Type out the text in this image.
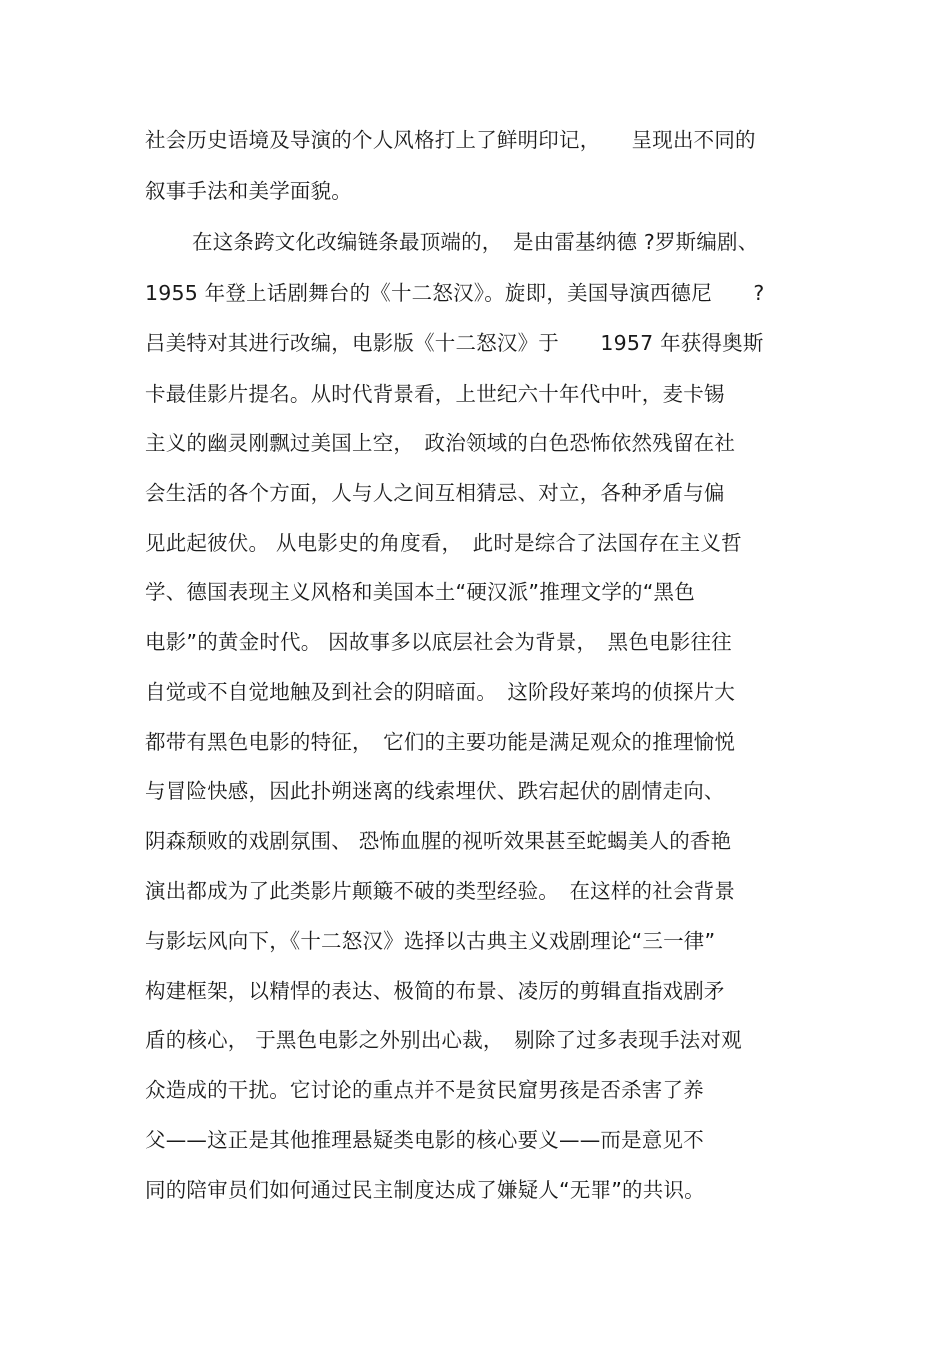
社会历史语境及导演的个人风格打上了鲜明印记，　　呈现出不同的
叙事手法和美学面貌。
在这条跨文化改编链条最顶端的，　是由雷基纳德 ?罗斯编剧、
1955 年登上话剧舞台的《十二怒汉》。旋即，美国导演西德尼　　?
吕美特对其进行改编，电影版《十二怒汉》于　　1957 年获得奥斯
卡最佳影片提名。从时代背景看，上世纪六十年代中叶，麦卡锡
主义的幽灵刚飘过美国上空，　政治领域的白色恐怖依然残留在社
会生活的各个方面，人与人之间互相猜忌、对立，各种矛盾与偏
见此起彼伏。 从电影史的角度看，　此时是综合了法国存在主义哲
学、德国表现主义风格和美国本土“硬汉派”推理文学的“黑色
电影”的黄金时代。 因故事多以底层社会为背景，　黑色电影往往
自觉或不自觉地触及到社会的阴暗面。　这阶段好莱坞的侦探片大
都带有黑色电影的特征，　它们的主要功能是满足观众的推理愉悦
与冒险快感，因此扑朔迷离的线索埋伏、跌宕起伏的剧情走向、
阴森颓败的戏剧氛围、 恐怖血腥的视听效果甚至蛇蝎美人的香艳
演出都成为了此类影片颠簸不破的类型经验。　在这样的社会背景
与影坛风向下，《十二怒汉》选择以古典主义戏剧理论“三一律”
构建框架，以精悍的表达、极简的布景、凌厉的剪辑直指戏剧矛
盾的核心， 于黑色电影之外别出心裁，　剔除了过多表现手法对观
众造成的干扰。它讨论的重点并不是贫民窟男孩是否杀害了养
父——这正是其他推理悬疑类电影的核心要义——而是意见不
同的陪审员们如何通过民主制度达成了嫌疑人“无罪”的共识。
